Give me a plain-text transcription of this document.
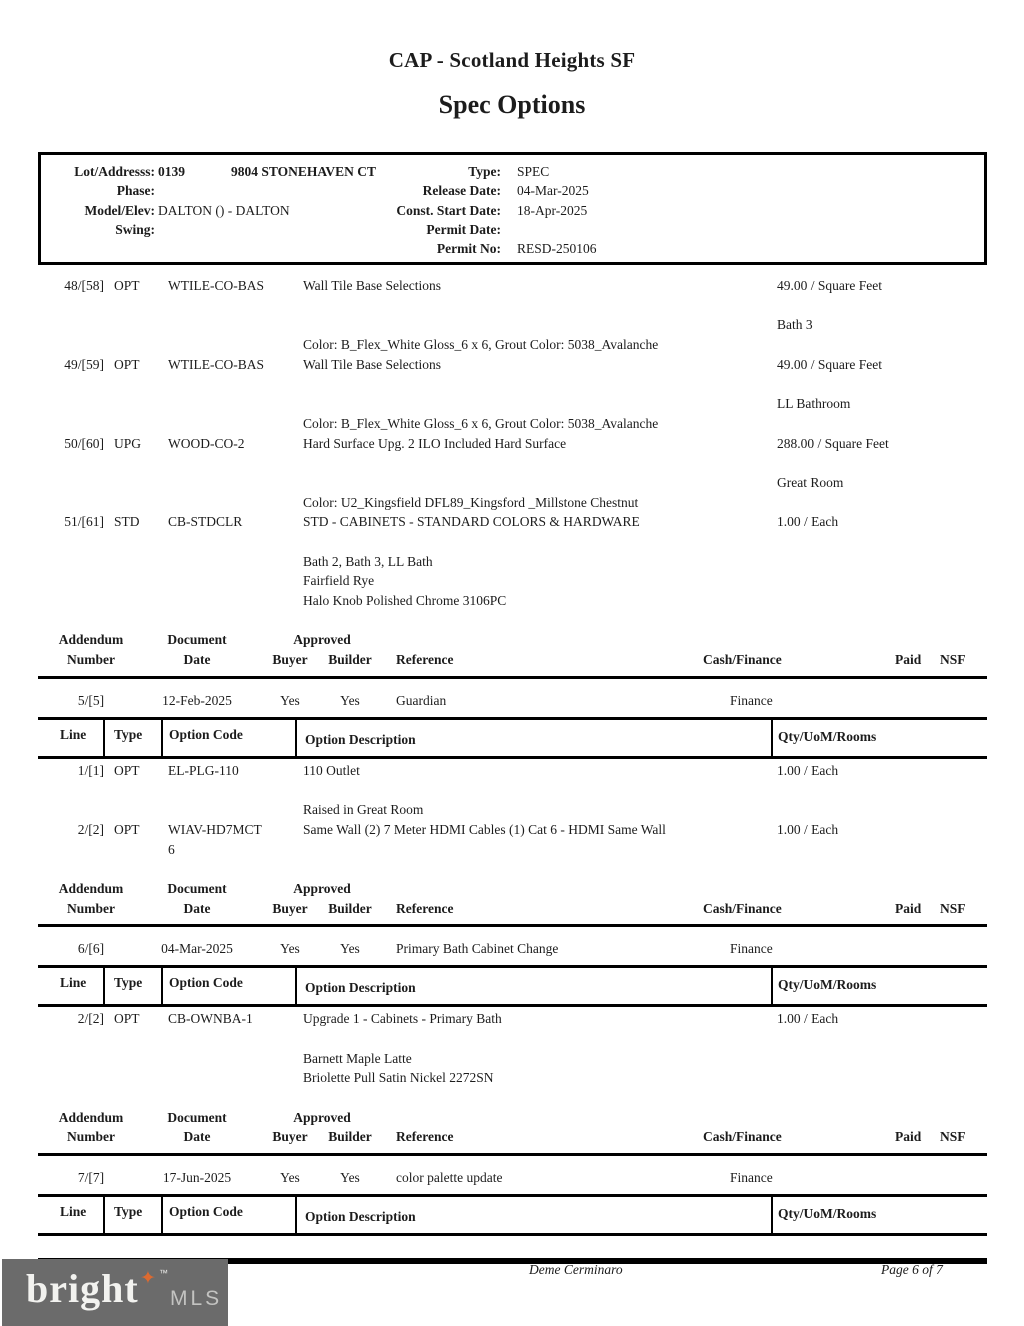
CAP - Scotland Heights SF
Spec Options
Lot/Addresss: 0139	9804 STONEHAVEN CT	Type: SPEC
Phase:	Release Date: 04-Mar-2025
Model/Elev: DALTON () - DALTON	Const. Start Date: 18-Apr-2025
Swing:	Permit Date:
Permit No: RESD-250106
48/[58] OPT WTILE-CO-BAS	Wall Tile Base Selections	49.00 / Square Feet
Bath 3
Color: B_Flex_White Gloss_6 x 6, Grout Color: 5038_Avalanche
49/[59] OPT WTILE-CO-BAS	Wall Tile Base Selections	49.00 / Square Feet
LL Bathroom
Color: B_Flex_White Gloss_6 x 6, Grout Color: 5038_Avalanche
50/[60] UPG WOOD-CO-2	Hard Surface Upg. 2 ILO Included Hard Surface	288.00 / Square Feet
Great Room
Color: U2_Kingsfield DFL89_Kingsford _Millstone Chestnut
51/[61] STD CB-STDCLR	STD - CABINETS - STANDARD COLORS & HARDWARE	1.00 / Each
Bath 2, Bath 3, LL Bath
Fairfield Rye
Halo Knob Polished Chrome 3106PC
Addendum
Number
Document
Date
Approved
Buyer	Builder	Reference	Cash/Finance	Paid NSF
5/[5]	12-Feb-2025	Yes	Yes	Guardian	Finance
Line Type Option Code	Option Description	Qty/UoM/Rooms
1/[1] OPT EL-PLG-110	110 Outlet	1.00 / Each
Raised in Great Room
2/[2] OPT WIAV-HD7MCT	Same Wall (2) 7 Meter HDMI Cables (1) Cat 6 - HDMI Same Wall	1.00 / Each
6
Addendum
Number
Document
Date
Approved
Buyer	Builder	Reference	Cash/Finance	Paid NSF
6/[6]	04-Mar-2025	Yes	Yes	Primary Bath Cabinet Change	Finance
Line Type Option Code	Option Description	Qty/UoM/Rooms
2/[2] OPT CB-OWNBA-1	Upgrade 1 - Cabinets - Primary Bath	1.00 / Each
Barnett Maple Latte
Briolette Pull Satin Nickel 2272SN
Addendum
Number
Document
Date
Approved
Buyer	Builder	Reference	Cash/Finance	Paid NSF
7/[7]	17-Jun-2025	Yes	Yes	color palette update	Finance
Line Type Option Code	Option Description	Qty/UoM/Rooms
bright ✦ ™
MLS
Deme Cerminaro	Page 6 of 7
